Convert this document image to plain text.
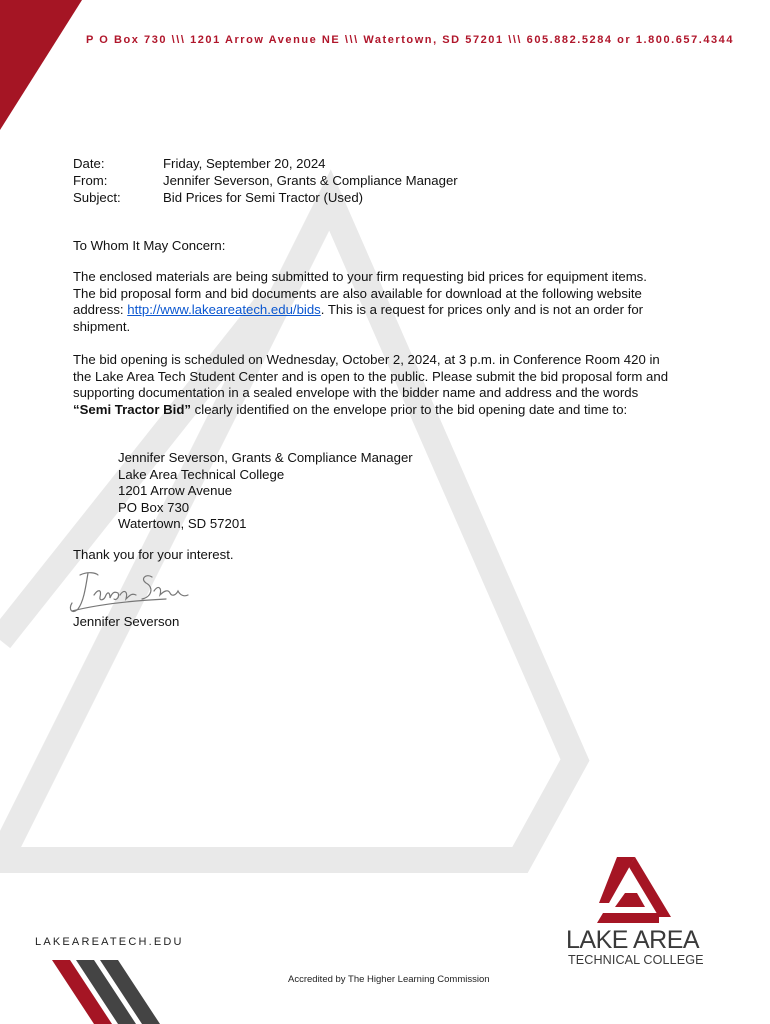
P O Box 730 \\\ 1201 Arrow Avenue NE \\\ Watertown, SD 57201 \\\ 605.882.5284 or 1.800.657.4344
Date:	Friday, September 20, 2024
From:	Jennifer Severson, Grants & Compliance Manager
Subject:	Bid Prices for Semi Tractor (Used)

To Whom It May Concern:

The enclosed materials are being submitted to your firm requesting bid prices for equipment items. The bid proposal form and bid documents are also available for download at the following website address: http://www.lakeareatech.edu/bids. This is a request for prices only and is not an order for shipment.

The bid opening is scheduled on Wednesday, October 2, 2024, at 3 p.m. in Conference Room 420 in the Lake Area Tech Student Center and is open to the public. Please submit the bid proposal form and supporting documentation in a sealed envelope with the bidder name and address and the words “Semi Tractor Bid” clearly identified on the envelope prior to the bid opening date and time to:

Jennifer Severson, Grants & Compliance Manager
Lake Area Technical College
1201 Arrow Avenue
PO Box 730
Watertown, SD 57201

Thank you for your interest.

Jennifer Severson
LAKEAREATECH.EDU	LAKE AREA
TECHNICAL COLLEGE
Accredited by The Higher Learning Commission
